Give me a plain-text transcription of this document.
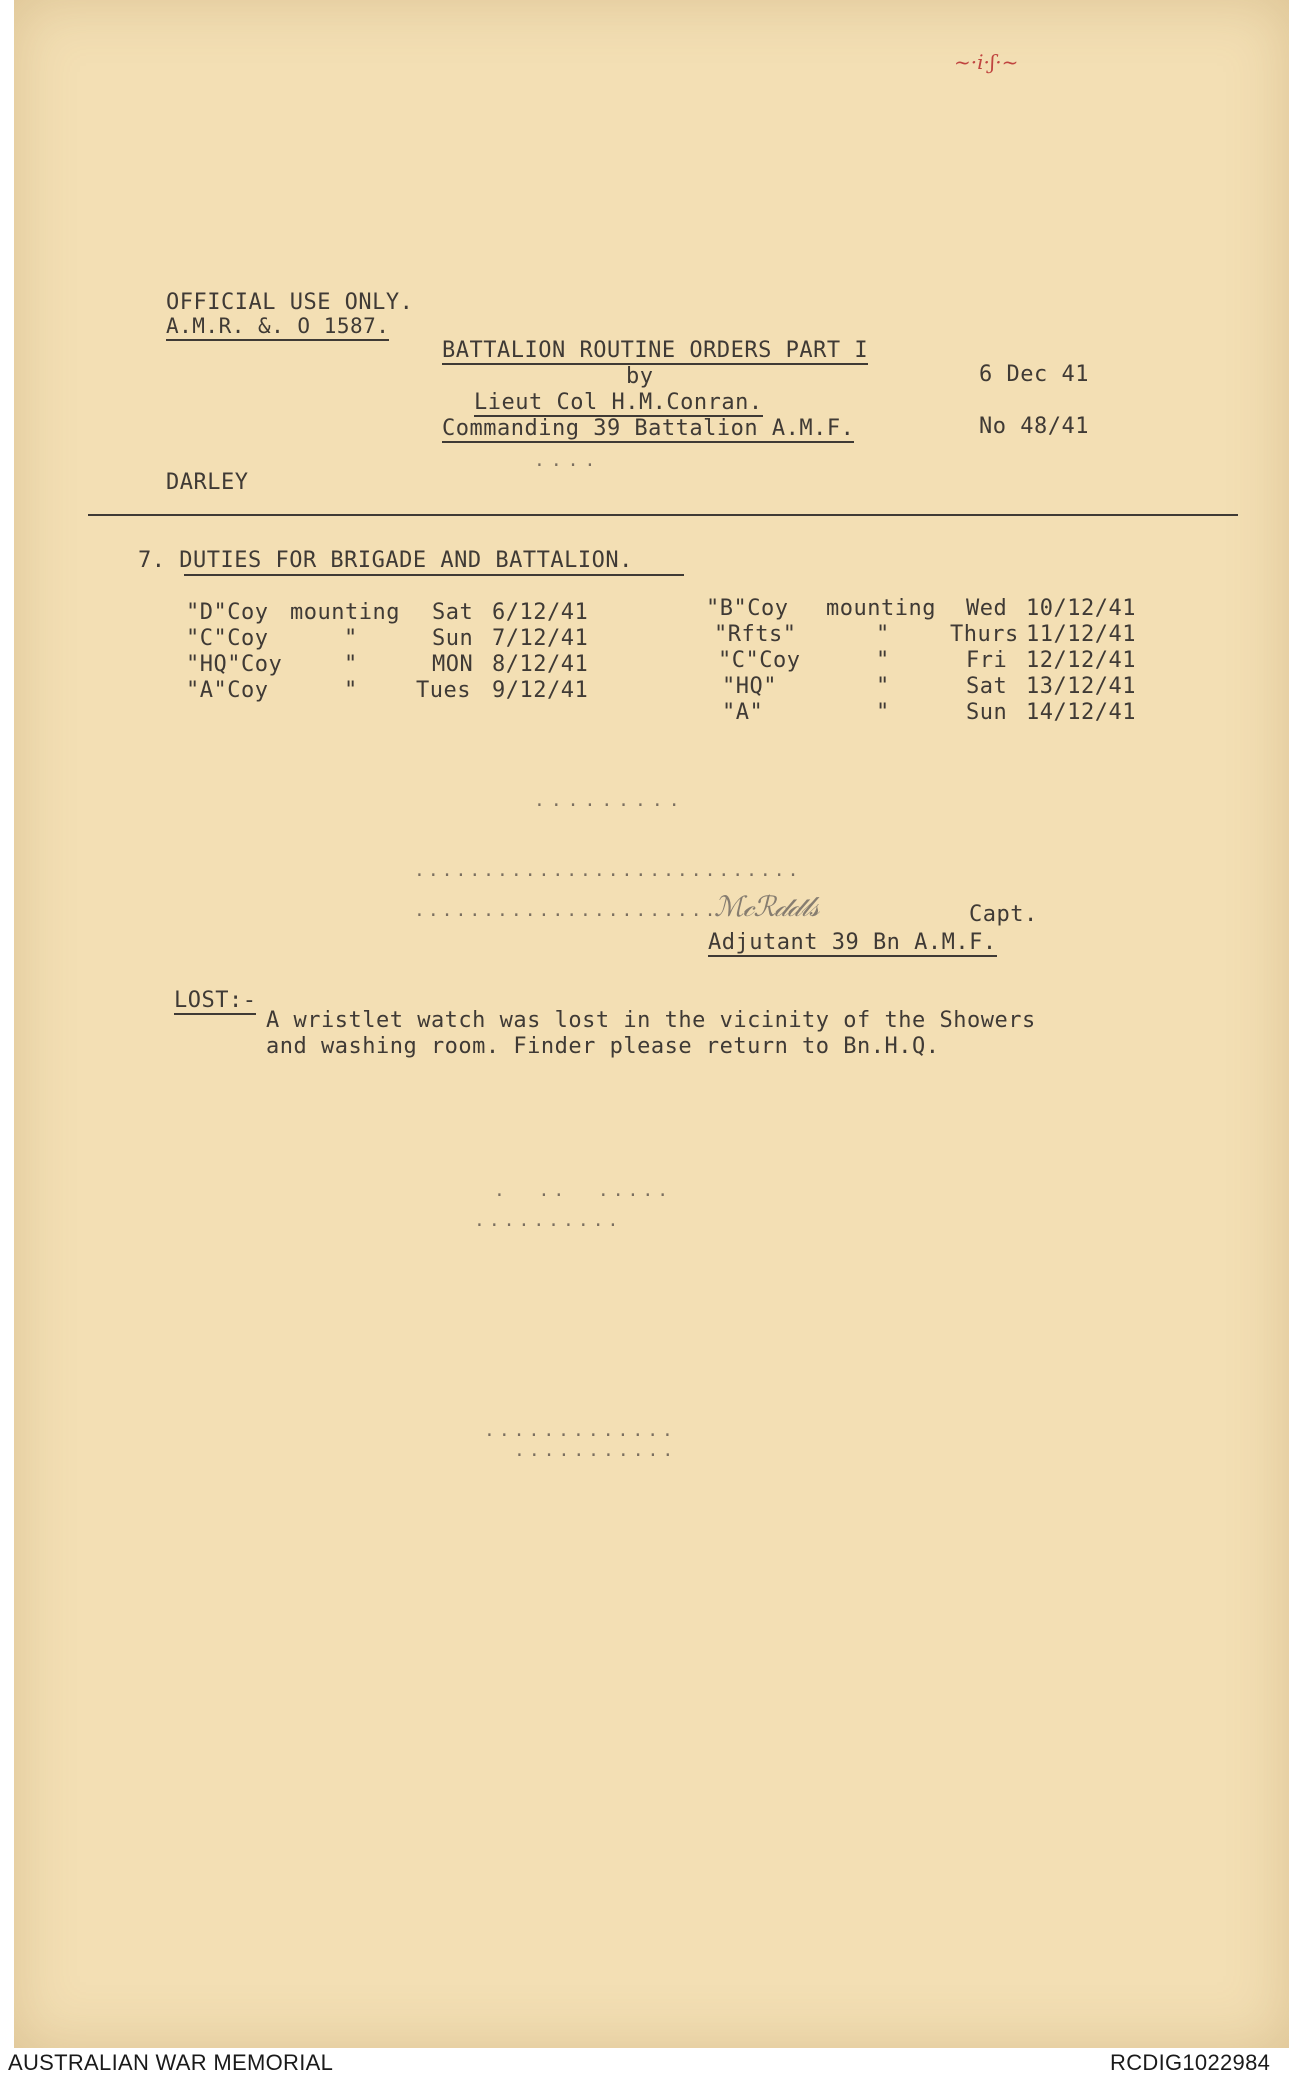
~·i·ʃ·~
OFFICIAL USE ONLY.
A.M.R. &. O 1587.
BATTALION ROUTINE ORDERS PART I
by
Lieut Col H.M.Conran.
Commanding 39 Battalion A.M.F.
6 Dec 41
No 48/41
....
DARLEY
7. DUTIES FOR BRIGADE AND BATTALION.
"D"Coy mounting Sat 6/12/41
"C"Coy	"	Sun 7/12/41
"HQ"Coy	"	MON 8/12/41
"A"Coy	"	Tues 9/12/41
"B"Coy mounting Wed 10/12/41
"Rfts"	"	Thurs 11/12/41
"C"Coy	"	Fri 12/12/41
"HQ"	"	Sat 13/12/41
"A"	"	Sun 14/12/41
.........
............................
......................
ℳ𝒸ℛ𝒹𝒹𝓁𝓈	Capt.
Adjutant 39 Bn A.M.F.
LOST:-
A wristlet watch was lost in the vicinity of the Showers
and washing room. Finder please return to Bn.H.Q.
.  ..  .....
..........
.............
...........
AUSTRALIAN WAR MEMORIAL	RCDIG1022984
